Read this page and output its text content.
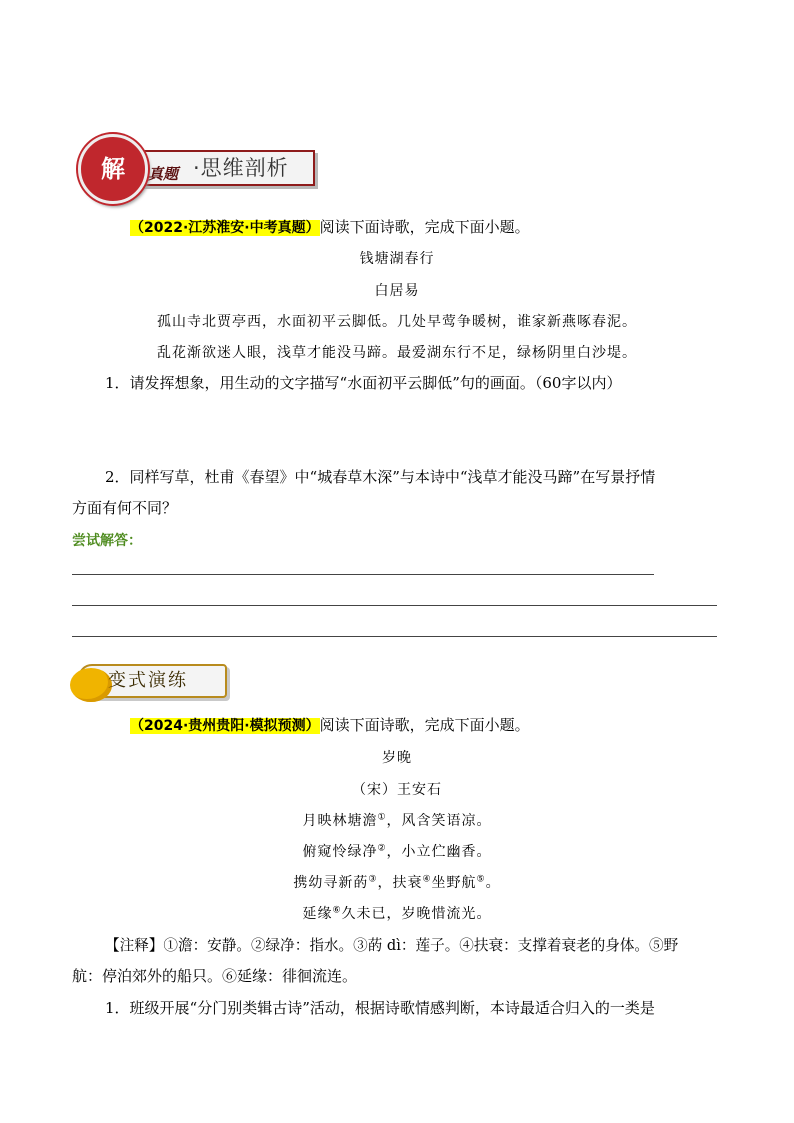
解 真题 ·思维剖析
（2022·江苏淮安·中考真题）阅读下面诗歌，完成下面小题。
钱塘湖春行
白居易
孤山寺北贾亭西，水面初平云脚低。几处早莺争暖树，谁家新燕啄春泥。
乱花渐欲迷人眼，浅草才能没马蹄。最爱湖东行不足，绿杨阴里白沙堤。
1．请发挥想象，用生动的文字描写“水面初平云脚低”句的画面。（60字以内）
2．同样写草，杜甫《春望》中“城春草木深”与本诗中“浅草才能没马蹄”在写景抒情
方面有何不同？
尝试解答：
变式演练
（2024·贵州贵阳·模拟预测）阅读下面诗歌，完成下面小题。
岁晚
（宋）王安石
月映林塘澹①，风含笑语凉。
俯窥怜绿净②，小立伫幽香。
携幼寻新菂③，扶衰④坐野航⑤。
延缘⑥久未已，岁晚惜流光。
【注释】①澹：安静。②绿净：指水。③菂 dì：莲子。④扶衰：支撑着衰老的身体。⑤野
航：停泊郊外的船只。⑥延缘：徘徊流连。
1．班级开展“分门别类辑古诗”活动，根据诗歌情感判断，本诗最适合归入的一类是
